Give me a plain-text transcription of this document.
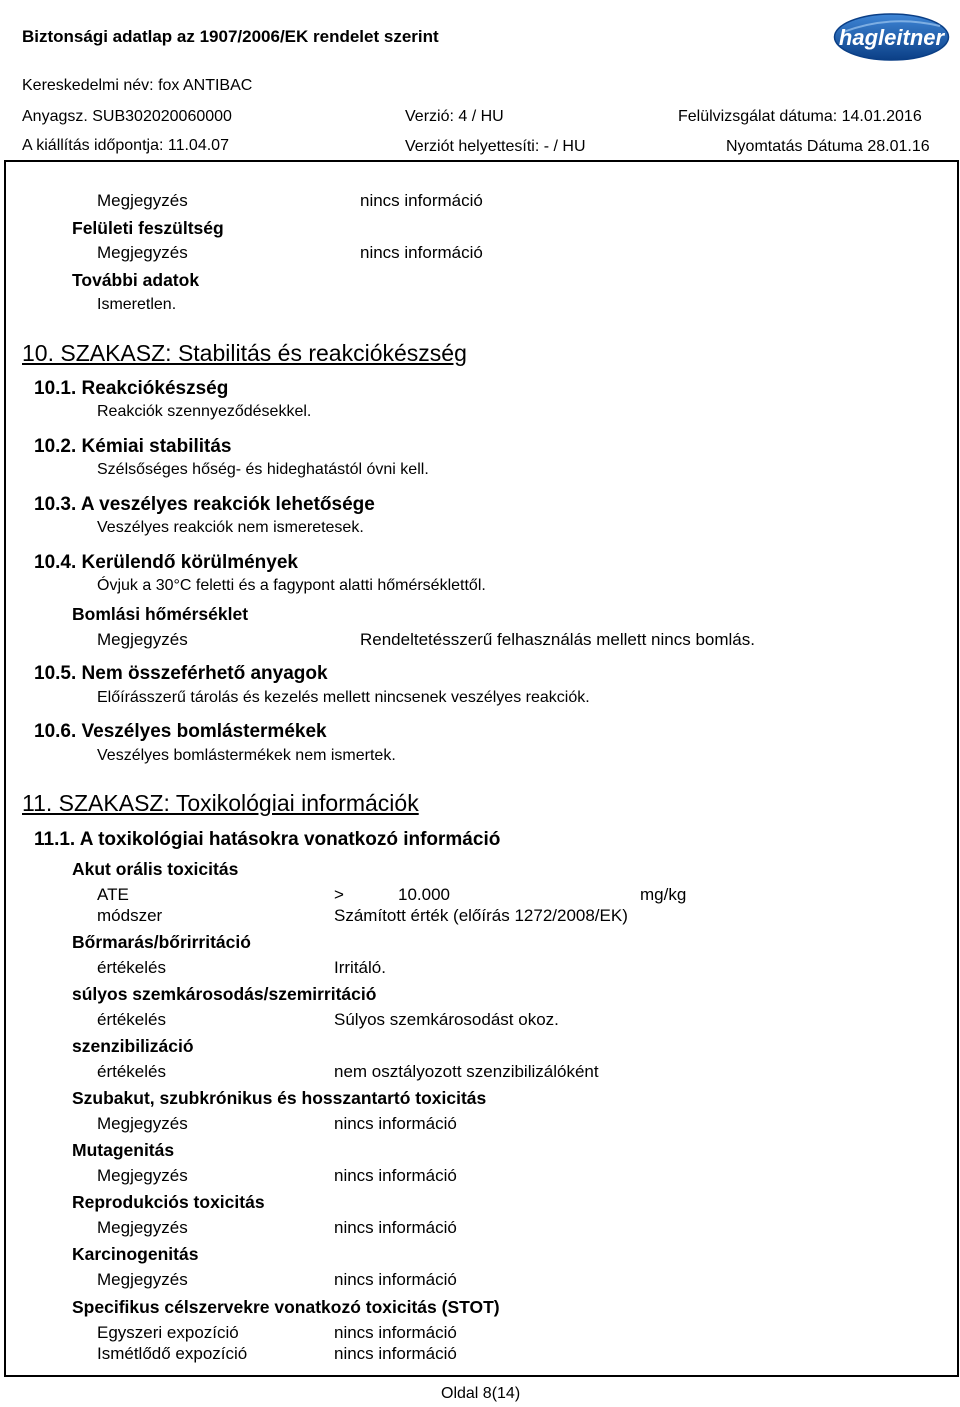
Biztonsági adatlap az 1907/2006/EK rendelet szerint	hagleitner
Kereskedelmi név: fox ANTIBAC
Anyagsz. SUB302020060000	Verzió: 4 / HU	Felülvizsgálat dátuma: 14.01.2016
A kiállítás időpontja: 11.04.07	Verziót helyettesíti: - / HU	Nyomtatás Dátuma 28.01.16
Megjegyzés	nincs információ
Felületi feszültség
Megjegyzés	nincs információ
További adatok
Ismeretlen.
10. SZAKASZ: Stabilitás és reakciókészség
10.1. Reakciókészség
Reakciók szennyeződésekkel.
10.2. Kémiai stabilitás
Szélsőséges hőség- és hideghatástól óvni kell.
10.3. A veszélyes reakciók lehetősége
Veszélyes reakciók nem ismeretesek.
10.4. Kerülendő körülmények
Óvjuk a 30°C feletti és a fagypont alatti hőmérséklettől.
Bomlási hőmérséklet
Megjegyzés	Rendeltetésszerű felhasználás mellett nincs bomlás.
10.5. Nem összeférhető anyagok
Előírásszerű tárolás és kezelés mellett nincsenek veszélyes reakciók.
10.6. Veszélyes bomlástermékek
Veszélyes bomlástermékek nem ismertek.
11. SZAKASZ: Toxikológiai információk
11.1. A toxikológiai hatásokra vonatkozó információ
Akut orális toxicitás
ATE	>	10.000	mg/kg
módszer	Számított érték (előírás 1272/2008/EK)
Bőrmarás/bőrirritáció
értékelés	Irritáló.
súlyos szemkárosodás/szemirritáció
értékelés	Súlyos szemkárosodást okoz.
szenzibilizáció
értékelés	nem osztályozott szenzibilizálóként
Szubakut, szubkrónikus és hosszantartó toxicitás
Megjegyzés	nincs információ
Mutagenitás
Megjegyzés	nincs információ
Reprodukciós toxicitás
Megjegyzés	nincs információ
Karcinogenitás
Megjegyzés	nincs információ
Specifikus célszervekre vonatkozó toxicitás (STOT)
Egyszeri expozíció	nincs információ
Ismétlődő expozíció	nincs információ
Oldal 8(14)
